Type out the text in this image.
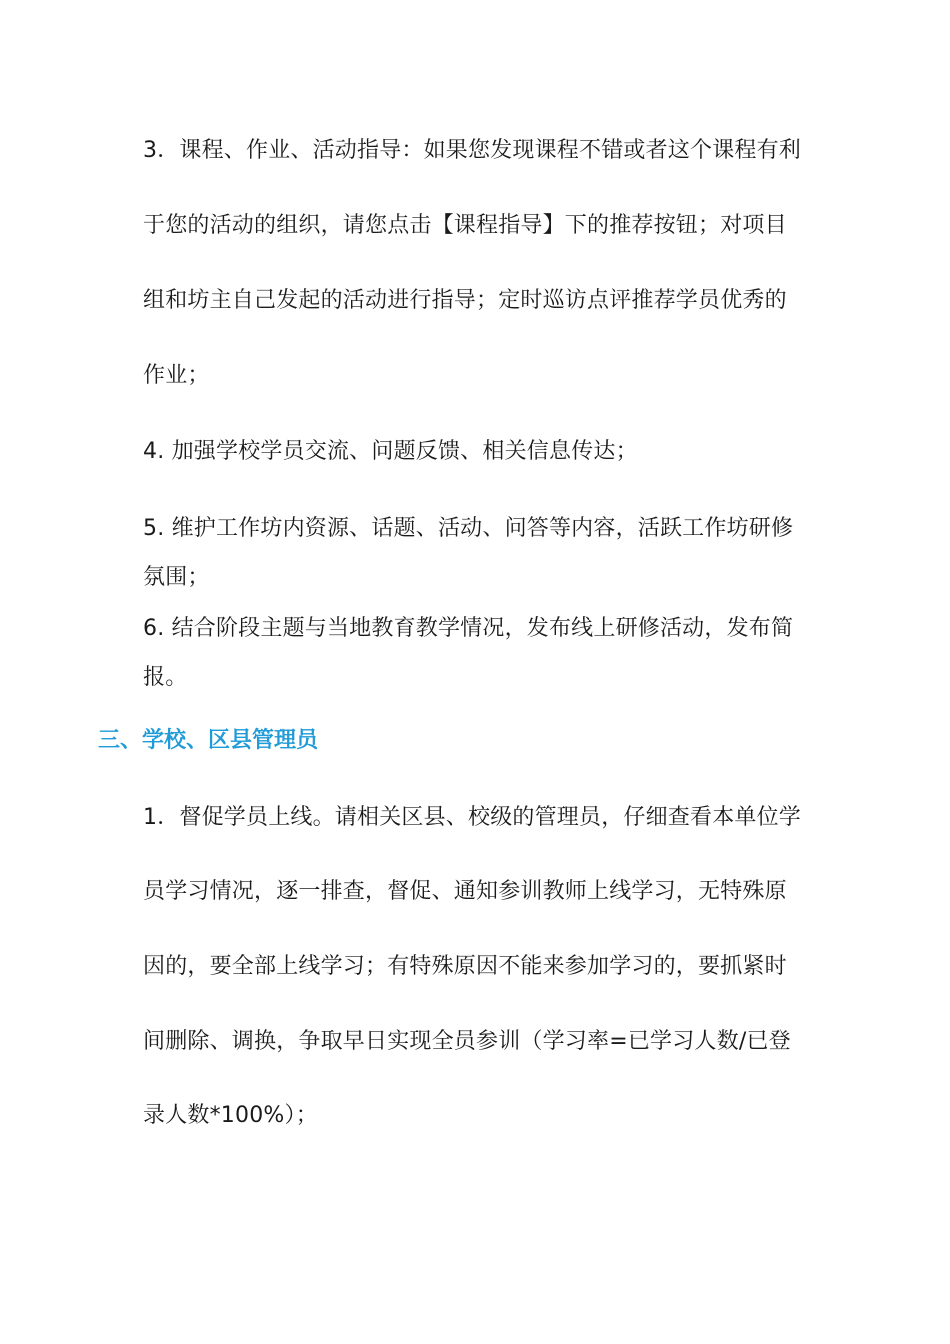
3．课程、作业、活动指导：如果您发现课程不错或者这个课程有利
于您的活动的组织，请您点击【课程指导】下的推荐按钮；对项目
组和坊主自己发起的活动进行指导；定时巡访点评推荐学员优秀的
作业；
4. 加强学校学员交流、问题反馈、相关信息传达；
5. 维护工作坊内资源、话题、活动、问答等内容，活跃工作坊研修
氛围；
6. 结合阶段主题与当地教育教学情况，发布线上研修活动，发布简
报。
三、学校、区县管理员
1．督促学员上线。请相关区县、校级的管理员，仔细查看本单位学
员学习情况，逐一排查，督促、通知参训教师上线学习，无特殊原
因的，要全部上线学习；有特殊原因不能来参加学习的，要抓紧时
间删除、调换，争取早日实现全员参训（学习率=已学习人数/已登
录人数*100%）；
